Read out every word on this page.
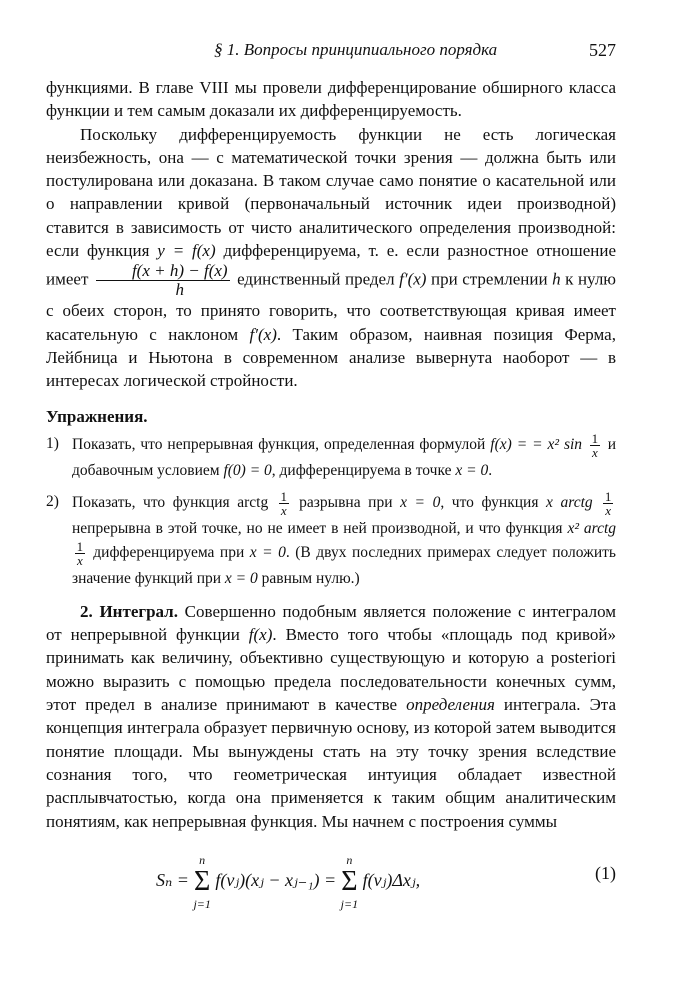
§ 1. Вопросы принципиального порядка	527

функциями. В главе VIII мы провели дифференцирование обширного класса функции и тем самым доказали их дифференцируемость.

Поскольку дифференцируемость функции не есть логическая неизбежность, она — с математической точки зрения — должна быть или постулирована или доказана. В таком случае само понятие о касательной или о направлении кривой (первоначальный источник идеи производной) ставится в зависимость от чисто аналитического определения производной: если функция y = f(x) дифференцируема, т. е. если разностное отношение имеет $\frac{f(x + h) - f(x)}{h}$ единственный предел f′(x) при стремлении h к нулю с обеих сторон, то принято говорить, что соответствующая кривая имеет касательную с наклоном f′(x). Таким образом, наивная позиция Ферма, Лейбница и Ньютона в современном анализе вывернута наоборот — в интересах логической стройности.

Упражнения.

1) Показать, что непрерывная функция, определенная формулой f(x) = = x² $\sin \frac{1}{x}$ и добавочным условием f(0) = 0, дифференцируема в точке x = 0.
2) Показать, что функция arctg $\frac{1}{x}$ разрывна при x = 0, что функция x arctg $\frac{1}{x}$
непрерывна в этой точке, но не имеет в ней производной, и что функция x² arctg
$\frac{1}{x}$ дифференцируема при x = 0. (В двух последних примерах следует положить значение функций при x = 0 равным нулю.)

2. Интеграл. Совершенно подобным является положение с интегралом от непрерывной функции f(x). Вместо того чтобы «площадь под кривой» принимать как величину, объективно существующую и которую a posteriori можно выразить с помощью предела последовательности конечных сумм, этот предел в анализе принимают в качестве определения интеграла. Эта концепция интеграла образует первичную основу, из которой затем выводится понятие площади. Мы вынуждены стать на эту точку зрения вследствие сознания того, что геометрическая интуиция обладает известной расплывчатостью, когда она применяется к таким общим аналитическим понятиям, как непрерывная функция. Мы начнем с построения суммы

Sₙ =
n
Σ
j=1
f(vⱼ)(xⱼ − xⱼ₋₁) =
n
Σ
j=1
f(vⱼ)Δxⱼ,	(1)
